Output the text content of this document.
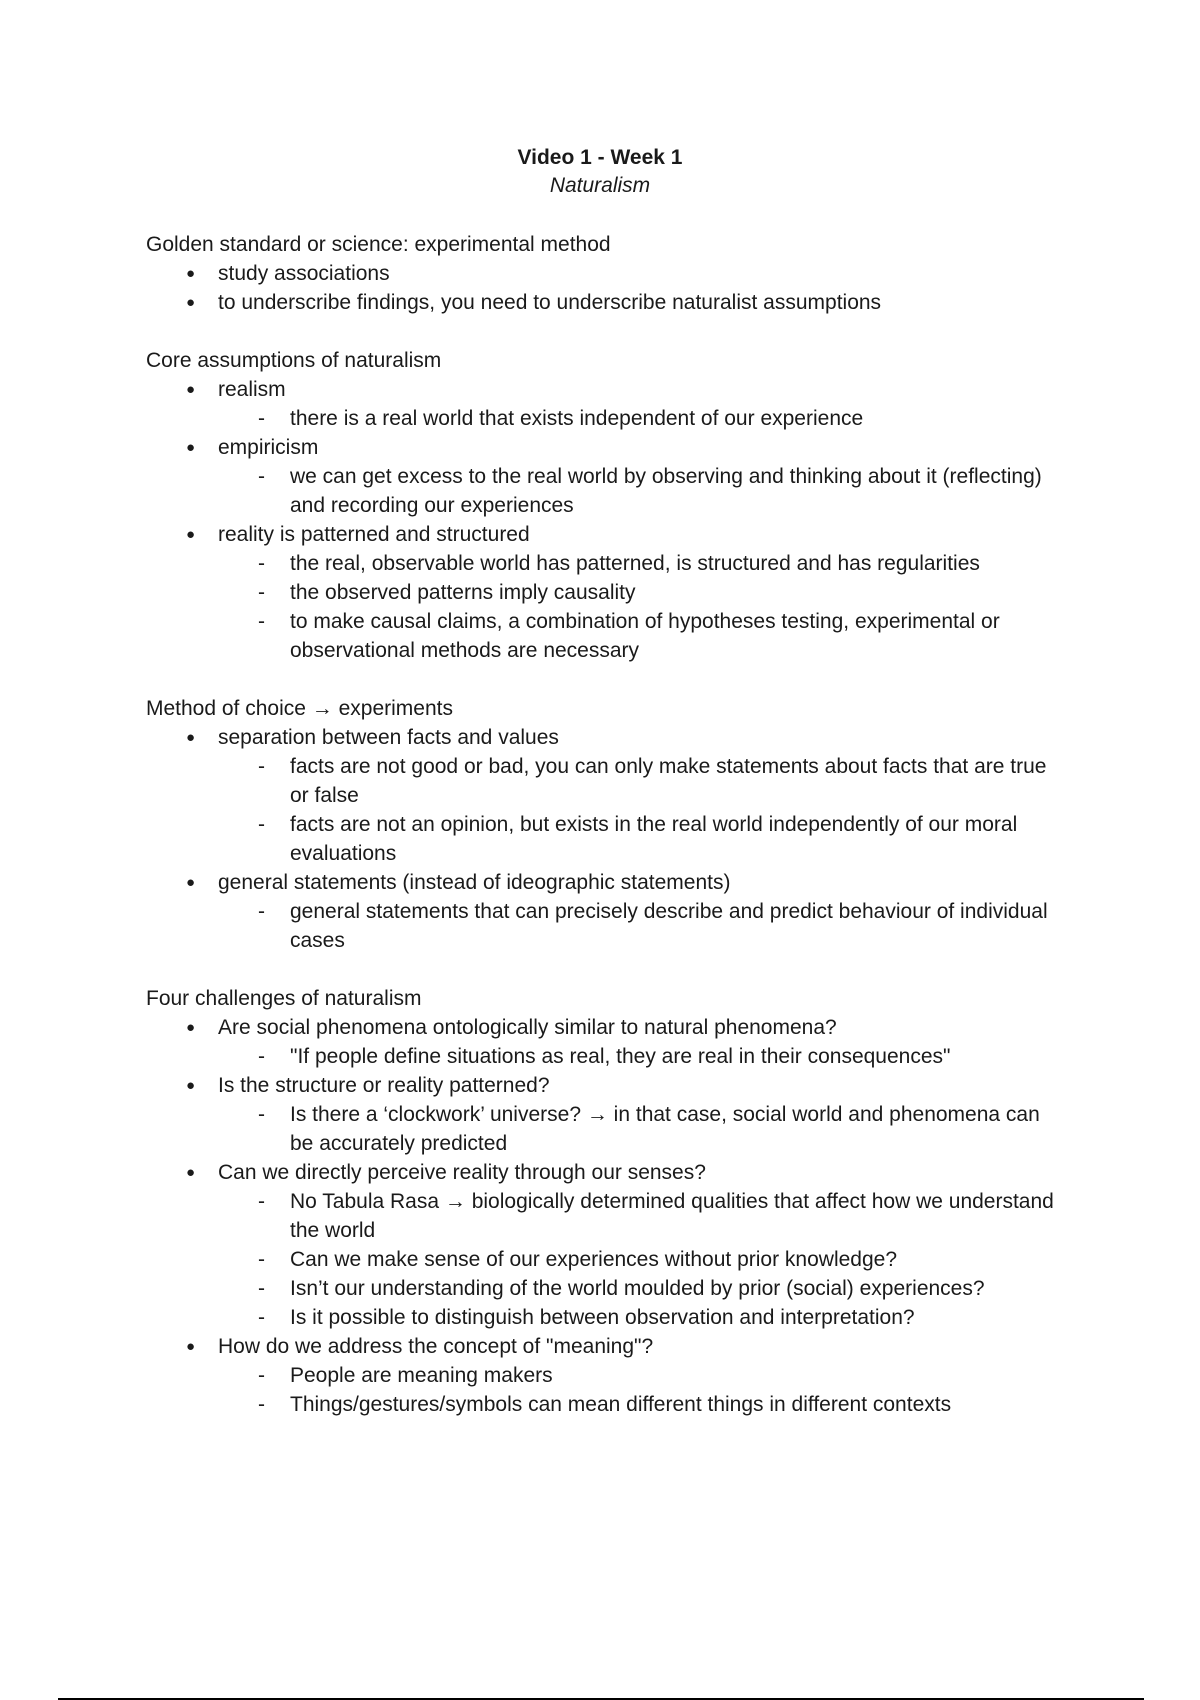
Video 1 - Week 1
Naturalism
Golden standard or science: experimental method
● study associations
● to underscribe findings, you need to underscribe naturalist assumptions
Core assumptions of naturalism
● realism
- there is a real world that exists independent of our experience
● empiricism
- we can get excess to the real world by observing and thinking about it (reflecting) and recording our experiences
● reality is patterned and structured
- the real, observable world has patterned, is structured and has regularities
- the observed patterns imply causality
- to make causal claims, a combination of hypotheses testing, experimental or observational methods are necessary
Method of choice → experiments
● separation between facts and values
- facts are not good or bad, you can only make statements about facts that are true or false
- facts are not an opinion, but exists in the real world independently of our moral evaluations
● general statements (instead of ideographic statements)
- general statements that can precisely describe and predict behaviour of individual cases
Four challenges of naturalism
● Are social phenomena ontologically similar to natural phenomena?
- "If people define situations as real, they are real in their consequences"
● Is the structure or reality patterned?
- Is there a ‘clockwork’ universe? → in that case, social world and phenomena can be accurately predicted
● Can we directly perceive reality through our senses?
- No Tabula Rasa → biologically determined qualities that affect how we understand the world
- Can we make sense of our experiences without prior knowledge?
- Isn’t our understanding of the world moulded by prior (social) experiences?
- Is it possible to distinguish between observation and interpretation?
● How do we address the concept of "meaning"?
- People are meaning makers
- Things/gestures/symbols can mean different things in different contexts
